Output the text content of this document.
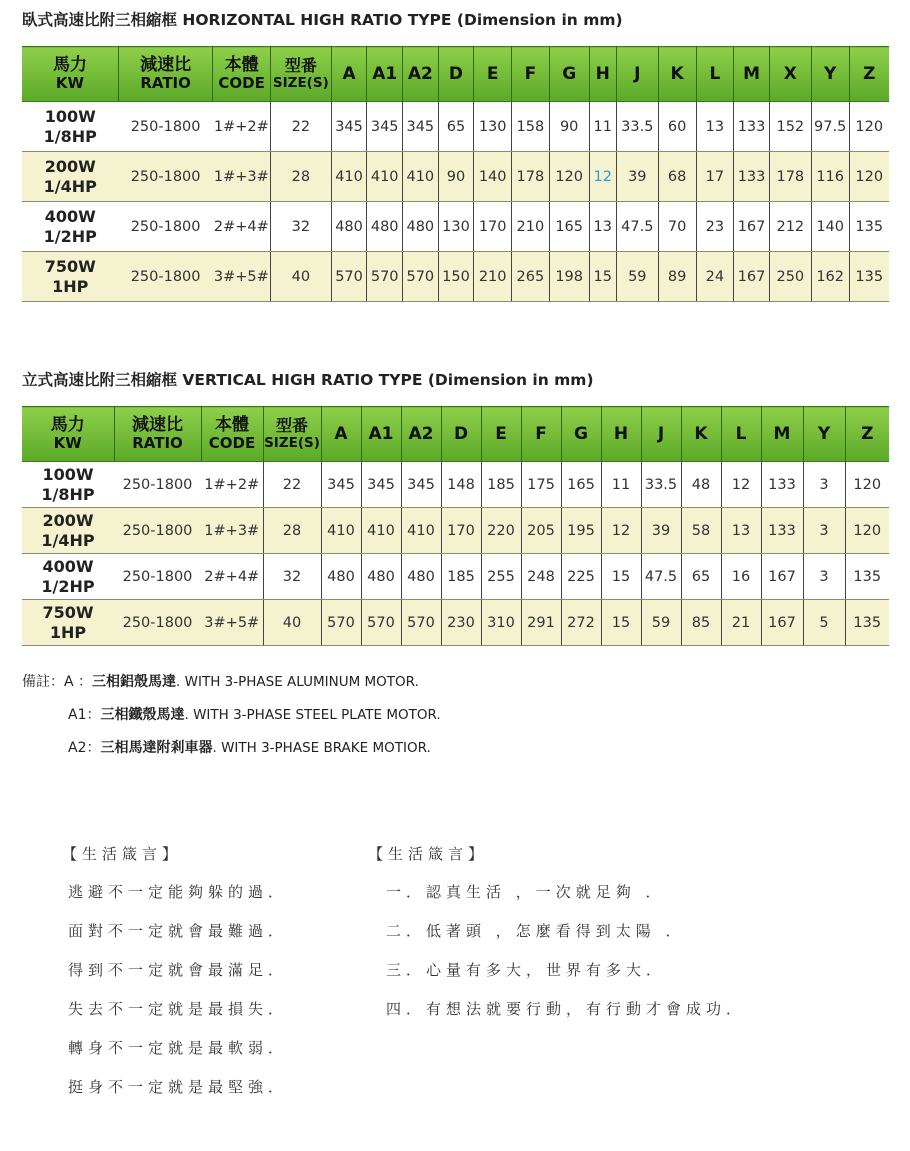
臥式高速比附三相縮框 HORIZONTAL HIGH RATIO TYPE (Dimension in mm)
馬力
KW	減速比
RATIO	本體
CODE	型番
SIZE(S)	A	A1	A2	D	E	F	G	H	J	K	L	M	X	Y	Z

100W
1/8HP	250-1800	1#+2#	22	345	345	345	65	130	158	90	11	33.5	60	13	133	152	97.5	120

200W
1/4HP	250-1800	1#+3#	28	410	410	410	90	140	178	120	12	39	68	17	133	178	116	120

400W
1/2HP	250-1800	2#+4#	32	480	480	480	130	170	210	165	13	47.5	70	23	167	212	140	135

750W
1HP	250-1800	3#+5#	40	570	570	570	150	210	265	198	15	59	89	24	167	250	162	135
立式高速比附三相縮框 VERTICAL HIGH RATIO TYPE (Dimension in mm)
馬力
KW	減速比
RATIO	本體
CODE	型番
SIZE(S)	A	A1	A2	D	E	F	G	H	J	K	L	M	Y	Z

100W
1/8HP	250-1800	1#+2#	22	345	345	345	148	185	175	165	11	33.5	48	12	133	3	120

200W
1/4HP	250-1800	1#+3#	28	410	410	410	170	220	205	195	12	39	58	13	133	3	120

400W
1/2HP	250-1800	2#+4#	32	480	480	480	185	255	248	225	15	47.5	65	16	167	3	135

750W
1HP	250-1800	3#+5#	40	570	570	570	230	310	291	272	15	59	85	21	167	5	135
備註：A ：三相鋁殼馬達. WITH 3-PHASE ALUMINUM MOTOR.
A1：三相鐵殼馬達. WITH 3-PHASE STEEL PLATE MOTOR.
A2：三相馬達附剎車器. WITH 3-PHASE BRAKE MOTIOR.
【生活箴言】
逃避不一定能夠躲的過．
面對不一定就會最難過．
得到不一定就會最滿足．
失去不一定就是最損失．
轉身不一定就是最軟弱．
挺身不一定就是最堅強．
【生活箴言】
一．認真生活 ，一次就足夠 ．
二．低著頭 ，怎麼看得到太陽 ．
三．心量有多大，世界有多大．
四．有想法就要行動，有行動才會成功．
